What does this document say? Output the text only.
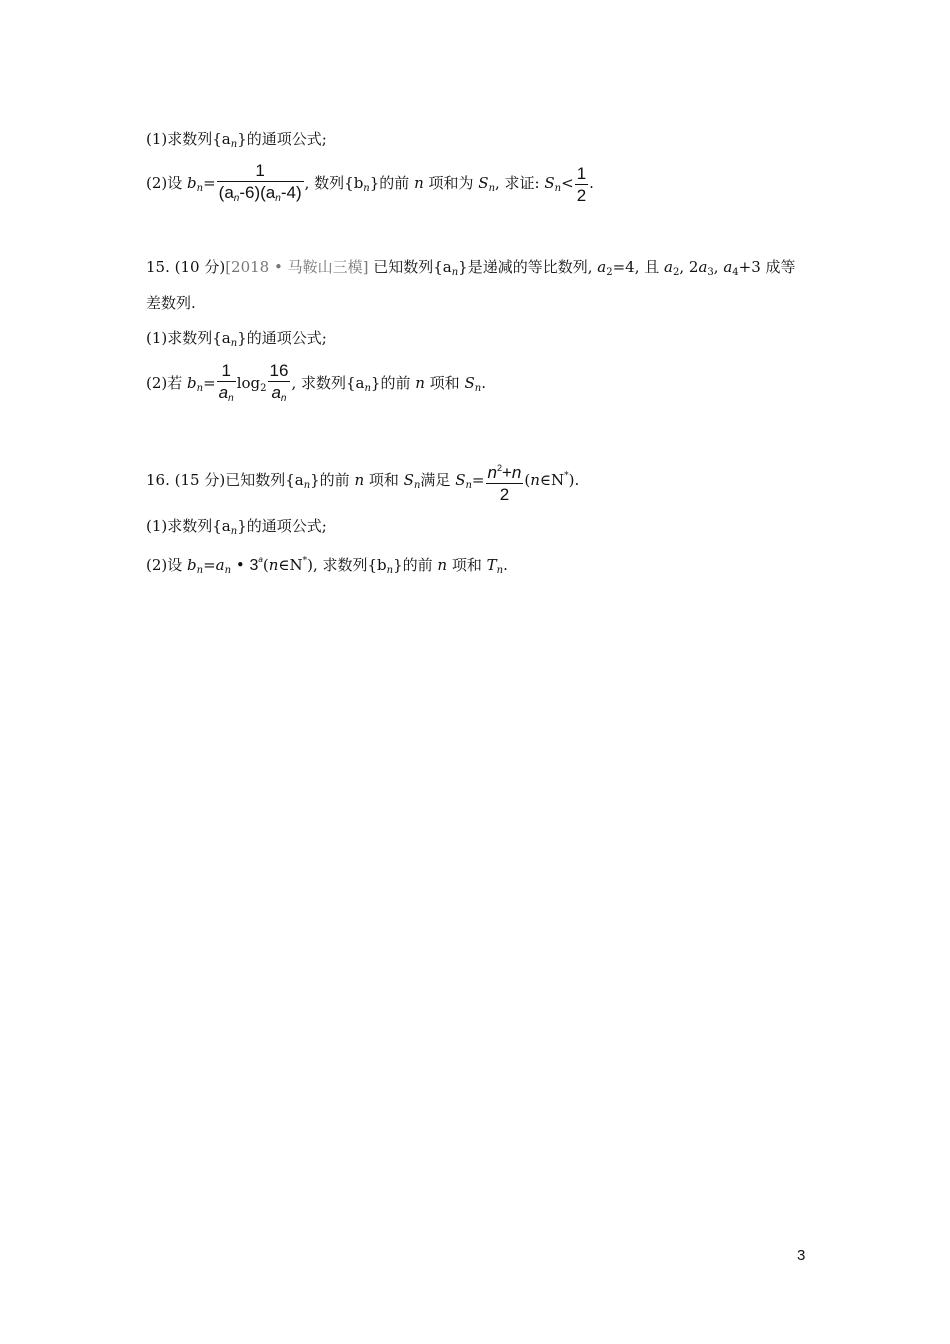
(1)求数列$\{a_n\}$的通项公式;
(2)设 $b_n= \frac{1}{(a_n-6)(a_n-4)}$ , 数列$\{b_n\}$的前 n 项和为 $S_n$, 求证: $S_n< \frac{1}{2}$ .
15. (10 分)[2018 • 马鞍山三模] 已知数列$\{a_n\}$是递减的等比数列, $a_2=4$, 且 $a_2$, $2a_3$, $a_4+3$ 成等
差数列.
(1)求数列$\{a_n\}$的通项公式;
(2)若 $b_n= \frac{1}{a_n} \log_2 \frac{16}{a_n}$ , 求数列$\{a_n\}$的前 n 项和 $S_n$.
16. (15 分)已知数列$\{a_n\}$的前 n 项和 $S_n$满足 $S_n= \frac{n^2+n}{2}$ (n∈N*).
(1)求数列$\{a_n\}$的通项公式;
(2)设 $b_n=a_n$ • 3$^a$(n∈N*), 求数列$\{b_n\}$的前 n 项和 $T_n$.
3
